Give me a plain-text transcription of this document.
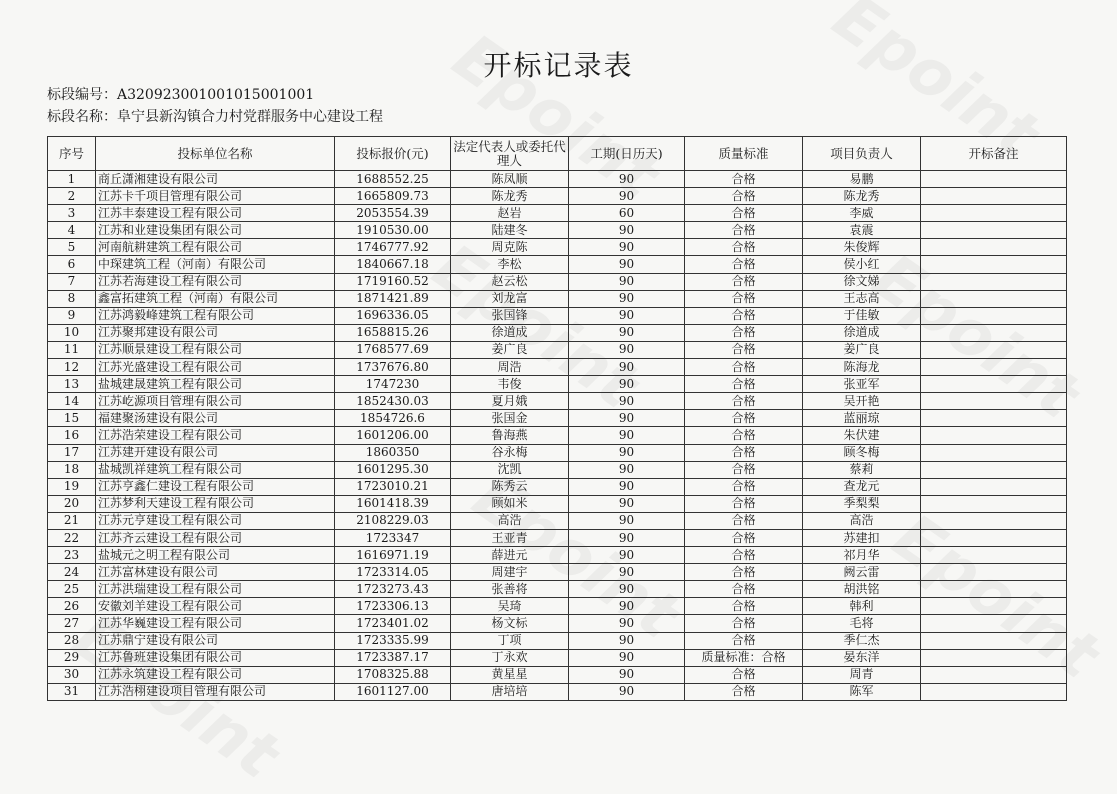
开标记录表
标段编号：A320923001001015001001
标段名称：阜宁县新沟镇合力村党群服务中心建设工程
序号	投标单位名称	投标报价(元)	法定代表人或委托代理人	工期(日历天)	质量标准	项目负责人	开标备注
1	商丘潇湘建设有限公司	1688552.25	陈凤顺	90	合格	易鹏	
2	江苏卡千项目管理有限公司	1665809.73	陈龙秀	90	合格	陈龙秀	
3	江苏丰泰建设工程有限公司	2053554.39	赵岩	60	合格	李威	
4	江苏和业建设集团有限公司	1910530.00	陆建冬	90	合格	袁震	
5	河南航耕建筑工程有限公司	1746777.92	周克陈	90	合格	朱俊辉	
6	中琛建筑工程（河南）有限公司	1840667.18	李松	90	合格	侯小红	
7	江苏若海建设工程有限公司	1719160.52	赵云松	90	合格	徐文娣	
8	鑫富拓建筑工程（河南）有限公司	1871421.89	刘龙富	90	合格	王志高	
9	江苏鸿毅峰建筑工程有限公司	1696336.05	张国锋	90	合格	于佳敏	
10	江苏聚邦建设有限公司	1658815.26	徐道成	90	合格	徐道成	
11	江苏顺景建设工程有限公司	1768577.69	姜广良	90	合格	姜广良	
12	江苏光盛建设工程有限公司	1737676.80	周浩	90	合格	陈海龙	
13	盐城建晟建筑工程有限公司	1747230	韦俊	90	合格	张亚军	
14	江苏屹源项目管理有限公司	1852430.03	夏月娥	90	合格	吴开艳	
15	福建聚汤建设有限公司	1854726.6	张国金	90	合格	蓝丽琼	
16	江苏浩荣建设工程有限公司	1601206.00	鲁海燕	90	合格	朱伏建	
17	江苏建开建设有限公司	1860350	谷永梅	90	合格	顾冬梅	
18	盐城凯祥建筑工程有限公司	1601295.30	沈凯	90	合格	蔡莉	
19	江苏亨鑫仁建设工程有限公司	1723010.21	陈秀云	90	合格	查龙元	
20	江苏梦利天建设工程有限公司	1601418.39	顾如米	90	合格	季梨梨	
21	江苏元亨建设工程有限公司	2108229.03	高浩	90	合格	高浩	
22	江苏齐云建设工程有限公司	1723347	王亚青	90	合格	苏建扣	
23	盐城元之明工程有限公司	1616971.19	薛进元	90	合格	祁月华	
24	江苏富林建设有限公司	1723314.05	周建宇	90	合格	阙云雷	
25	江苏洪瑞建设工程有限公司	1723273.43	张善将	90	合格	胡洪铭	
26	安徽刘羊建设工程有限公司	1723306.13	吴琦	90	合格	韩利	
27	江苏华巍建设工程有限公司	1723401.02	杨文标	90	合格	毛将	
28	江苏鼎宁建设有限公司	1723335.99	丁项	90	合格	季仁杰	
29	江苏鲁班建设集团有限公司	1723387.17	丁永欢	90	质量标准：合格	晏东洋	
30	江苏永筑建设工程有限公司	1708325.88	黄星星	90	合格	周青	
31	江苏浩栩建设项目管理有限公司	1601127.00	唐培培	90	合格	陈军	
